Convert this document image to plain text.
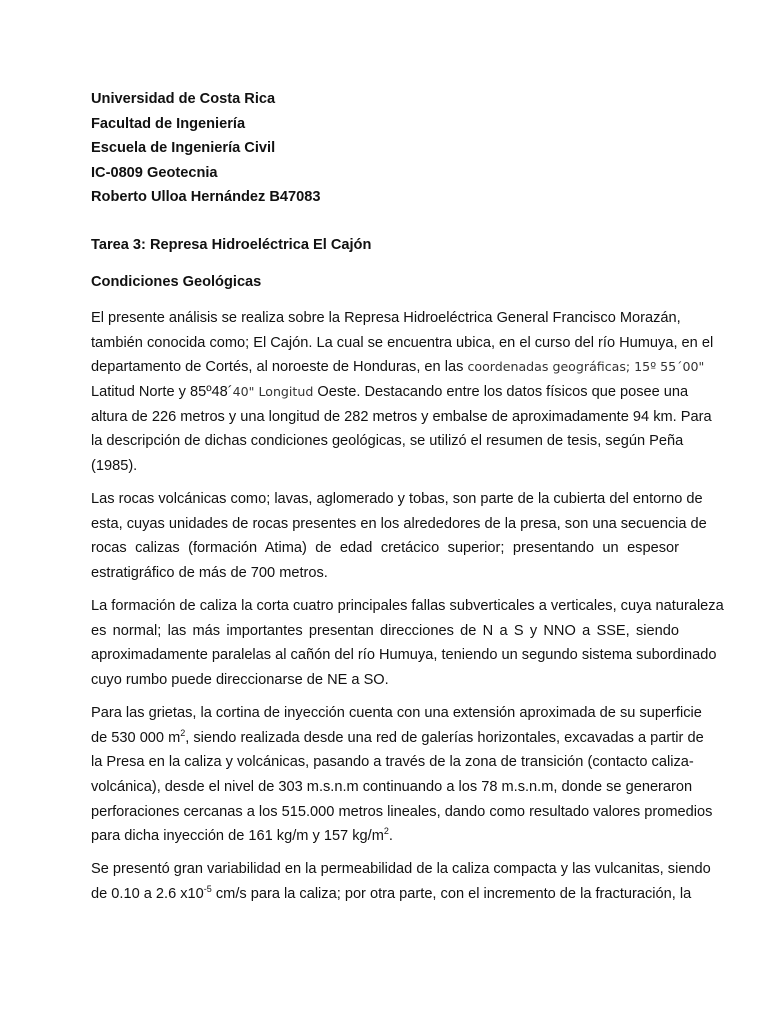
Universidad de Costa Rica

Facultad de Ingeniería

Escuela de Ingeniería Civil

IC-0809 Geotecnia

Roberto Ulloa Hernández B47083

Tarea 3: Represa Hidroeléctrica El Cajón

Condiciones Geológicas

El presente análisis se realiza sobre la Represa Hidroeléctrica General Francisco Morazán,
también conocida como; El Cajón. La cual se encuentra ubica, en el curso del río Humuya, en el
departamento de Cortés, al noroeste de Honduras, en las coordenadas geográficas; 15º 55´00"
Latitud Norte y 85º48´40" Longitud Oeste. Destacando entre los datos físicos que posee una
altura de 226 metros y una longitud de 282 metros y embalse de aproximadamente 94 km. Para
la descripción de dichas condiciones geológicas, se utilizó el resumen de tesis, según Peña
(1985).
Las rocas volcánicas como; lavas, aglomerado y tobas, son parte de la cubierta del entorno de
esta, cuyas unidades de rocas presentes en los alrededores de la presa, son una secuencia de
rocas calizas (formación Atima) de edad cretácico superior; presentando un espesor
estratigráfico de más de 700 metros.
La formación de caliza la corta cuatro principales fallas subverticales a verticales, cuya naturaleza
es normal; las más importantes presentan direcciones de N a S y NNO a SSE, siendo
aproximadamente paralelas al cañón del río Humuya, teniendo un segundo sistema subordinado
cuyo rumbo puede direccionarse de NE a SO.
Para las grietas, la cortina de inyección cuenta con una extensión aproximada de su superficie
de 530 000 $m^2$, siendo realizada desde una red de galerías horizontales, excavadas a partir de
la Presa en la caliza y volcánicas, pasando a través de la zona de transición (contacto caliza-
volcánica), desde el nivel de 303 m.s.n.m continuando a los 78 m.s.n.m, donde se generaron
perforaciones cercanas a los 515.000 metros lineales, dando como resultado valores promedios
para dicha inyección de 161 kg/m y 157 $kg/m^2$.
Se presentó gran variabilidad en la permeabilidad de la caliza compacta y las vulcanitas, siendo
de 0.10 a 2.6 $x10^{-5}$ cm/s para la caliza; por otra parte, con el incremento de la fracturación, la
